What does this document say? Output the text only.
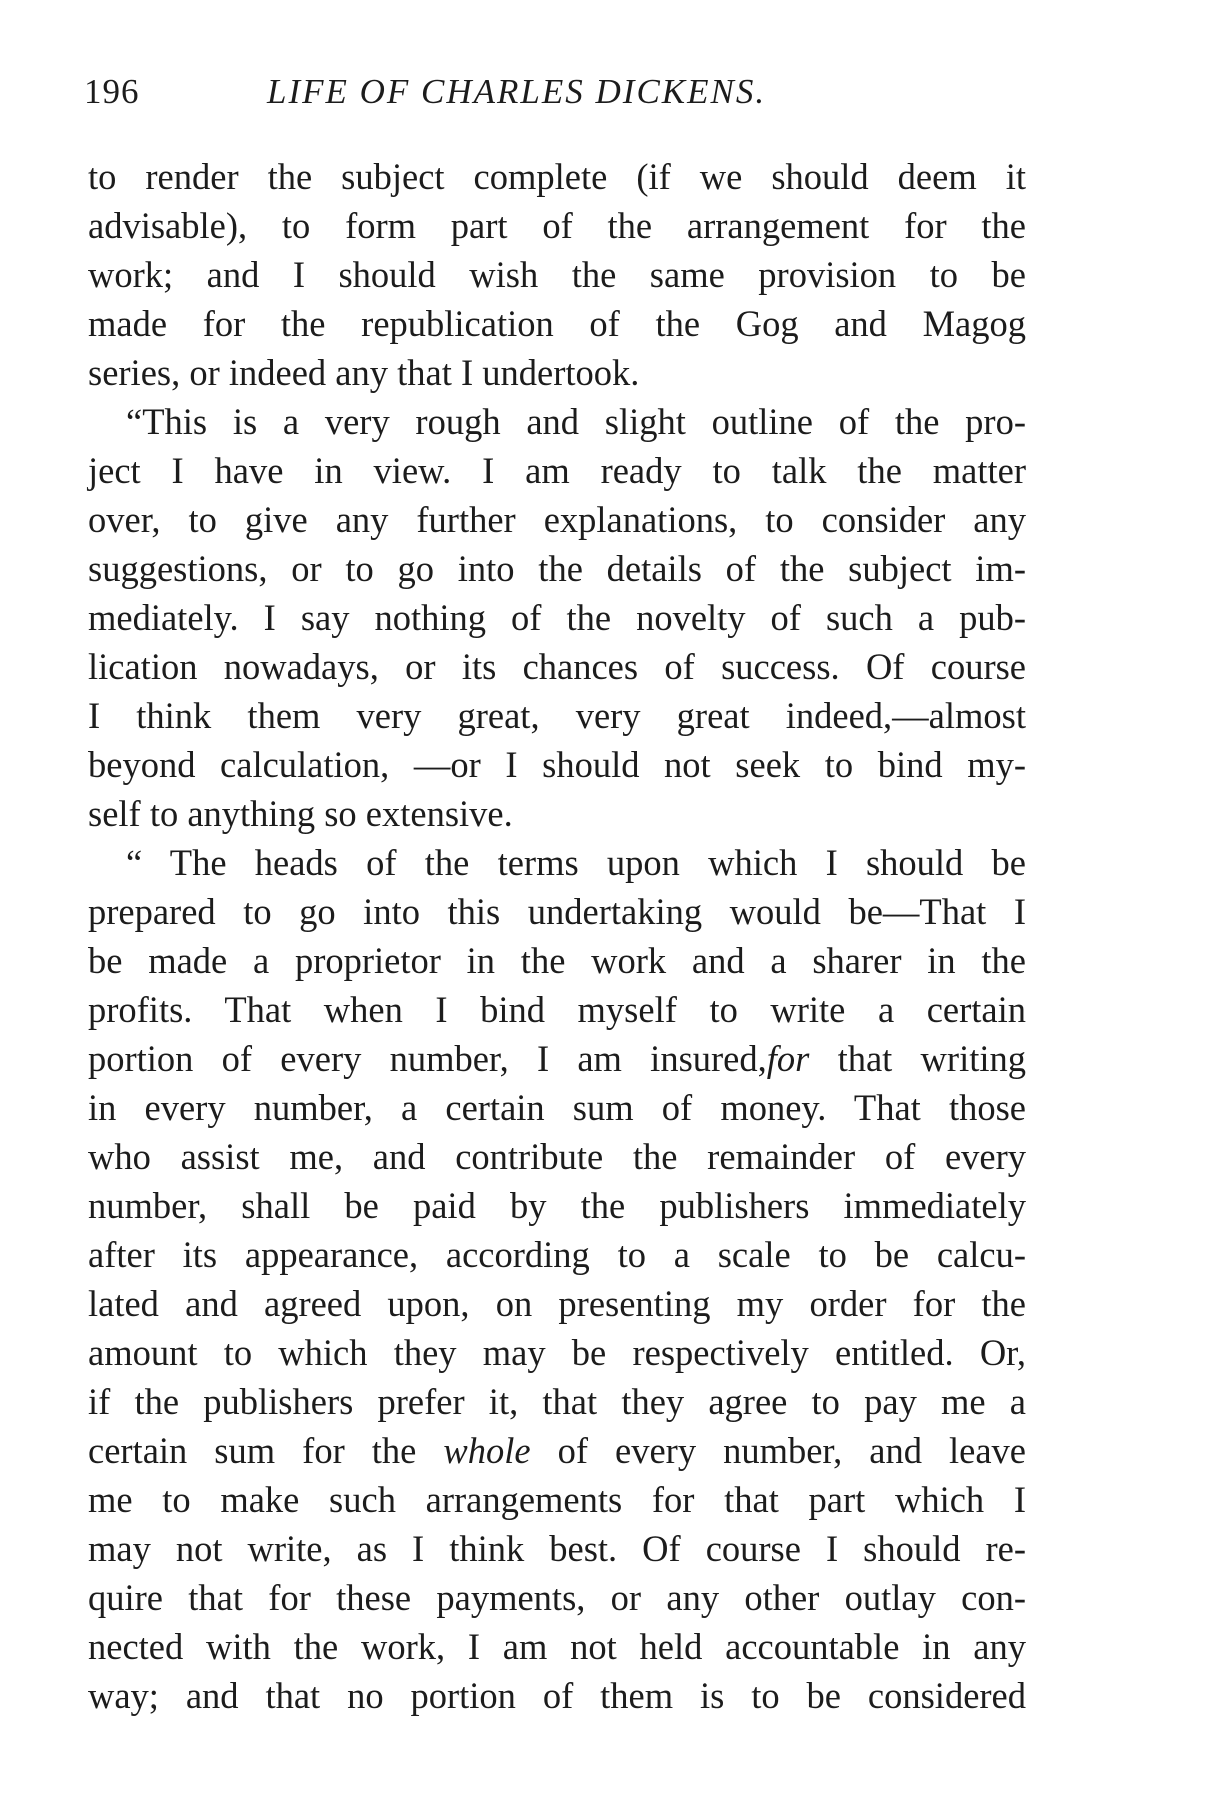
196	LIFE OF CHARLES DICKENS.
to render the subject complete (if we should deem it
advisable), to form part of the arrangement for the
work; and I should wish the same provision to be
made for the republication of the Gog and Magog
series, or indeed any that I undertook.
“This is a very rough and slight outline of the pro-
ject I have in view. I am ready to talk the matter
over, to give any further explanations, to consider any
suggestions, or to go into the details of the subject im-
mediately. I say nothing of the novelty of such a pub-
lication nowadays, or its chances of success. Of course
I think them very great, very great indeed,—almost
beyond calculation, —or I should not seek to bind my-
self to anything so extensive.
“ The heads of the terms upon which I should be
prepared to go into this undertaking would be—That I
be made a proprietor in the work and a sharer in the
profits. That when I bind myself to write a certain
portion of every number, I am insured,for that writing
in every number, a certain sum of money. That those
who assist me, and contribute the remainder of every
number, shall be paid by the publishers immediately
after its appearance, according to a scale to be calcu-
lated and agreed upon, on presenting my order for the
amount to which they may be respectively entitled. Or,
if the publishers prefer it, that they agree to pay me a
certain sum for the whole of every number, and leave
me to make such arrangements for that part which I
may not write, as I think best. Of course I should re-
quire that for these payments, or any other outlay con-
nected with the work, I am not held accountable in any
way; and that no portion of them is to be considered
